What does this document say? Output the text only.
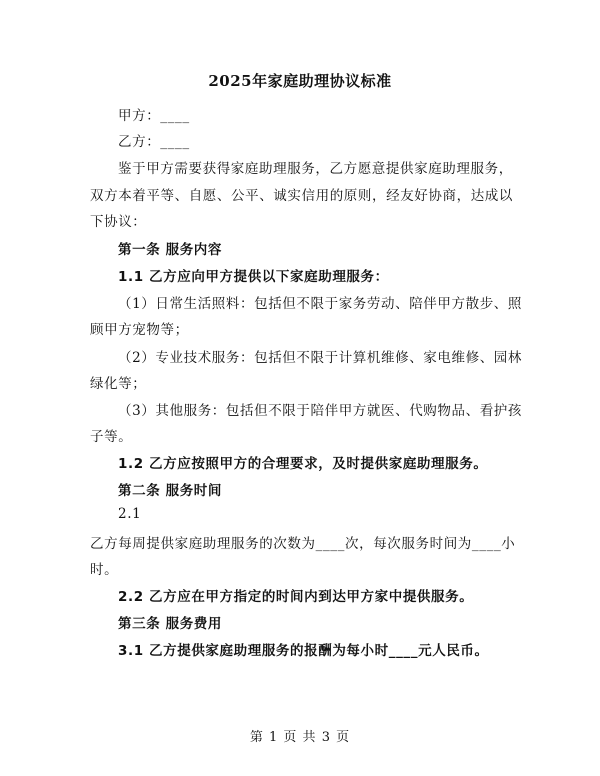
2025年家庭助理协议标准
甲方：____
乙方：____
鉴于甲方需要获得家庭助理服务，乙方愿意提供家庭助理服务，
双方本着平等、自愿、公平、诚实信用的原则，经友好协商，达成以
下协议：
第一条 服务内容
1.1 乙方应向甲方提供以下家庭助理服务：
（1）日常生活照料：包括但不限于家务劳动、陪伴甲方散步、照
顾甲方宠物等；
（2）专业技术服务：包括但不限于计算机维修、家电维修、园林
绿化等；
（3）其他服务：包括但不限于陪伴甲方就医、代购物品、看护孩
子等。
1.2 乙方应按照甲方的合理要求，及时提供家庭助理服务。
第二条 服务时间
2.1
乙方每周提供家庭助理服务的次数为____次，每次服务时间为____小
时。
2.2 乙方应在甲方指定的时间内到达甲方家中提供服务。
第三条 服务费用
3.1 乙方提供家庭助理服务的报酬为每小时____元人民币。
第 1 页 共 3 页
